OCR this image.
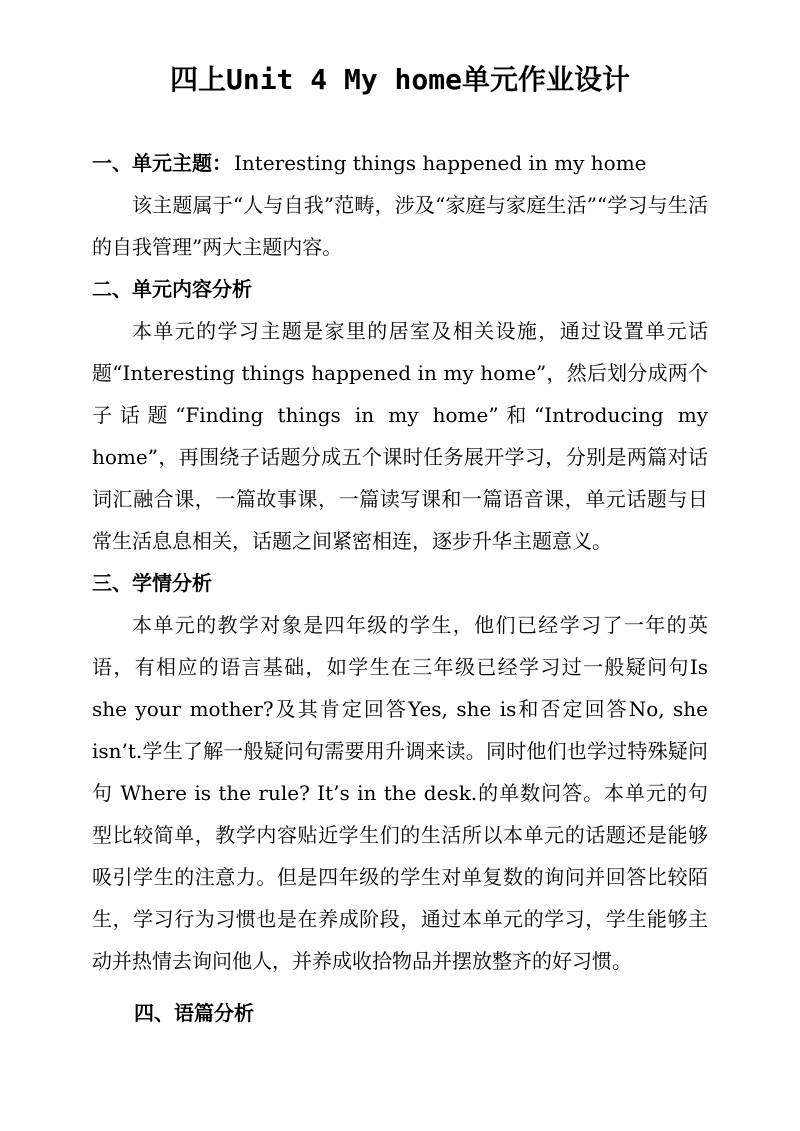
四上Unit 4 My home单元作业设计
一、单元主题： Interesting things happened in my home
该主题属于“人与自我”范畴，涉及“家庭与家庭生活”“学习与生活的自我管理”两大主题内容。
二、单元内容分析
本单元的学习主题是家里的居室及相关设施，通过设置单元话题“Interesting things happened in my home”，然后划分成两个子话题“Finding things in my home”和“Introducing my home”，再围绕子话题分成五个课时任务展开学习，分别是两篇对话词汇融合课，一篇故事课，一篇读写课和一篇语音课，单元话题与日常生活息息相关，话题之间紧密相连，逐步升华主题意义。
三、学情分析
本单元的教学对象是四年级的学生，他们已经学习了一年的英语，有相应的语言基础，如学生在三年级已经学习过一般疑问句Is she your mother?及其肯定回答Yes, she is和否定回答No, she isn’t.学生了解一般疑问句需要用升调来读。同时他们也学过特殊疑问句 Where is the rule? It’s in the desk.的单数问答。本单元的句型比较简单，教学内容贴近学生们的生活所以本单元的话题还是能够吸引学生的注意力。但是四年级的学生对单复数的询问并回答比较陌生，学习行为习惯也是在养成阶段，通过本单元的学习，学生能够主动并热情去询问他人，并养成收拾物品并摆放整齐的好习惯。
四、语篇分析
